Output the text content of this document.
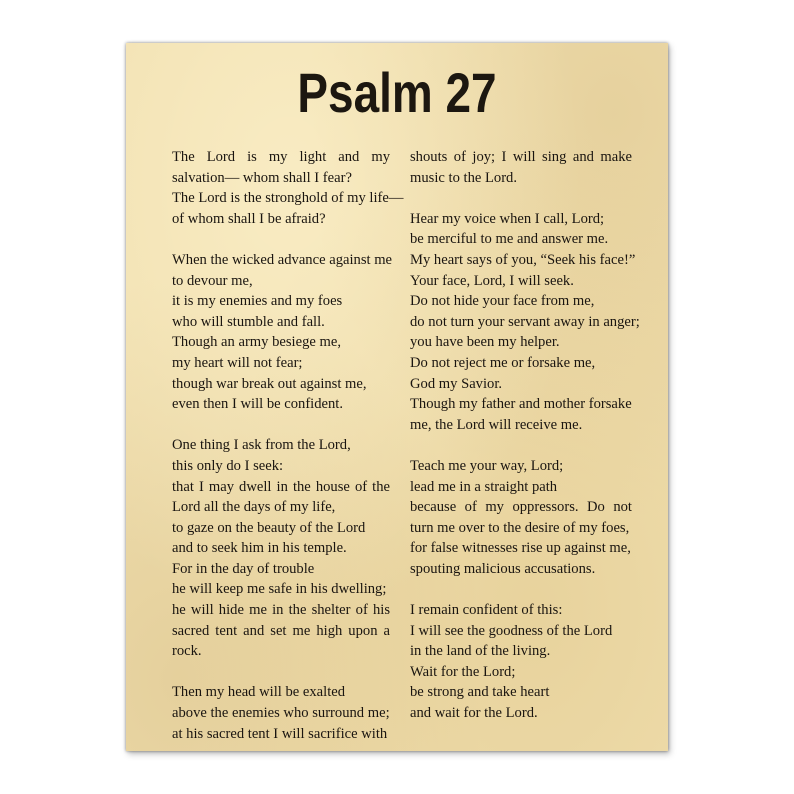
Psalm 27
The Lord is my light and my
salvation— whom shall I fear?
The Lord is the stronghold of my life—
of whom shall I be afraid?
When the wicked advance against me
to devour me,
it is my enemies and my foes
who will stumble and fall.
Though an army besiege me,
my heart will not fear;
though war break out against me,
even then I will be confident.
One thing I ask from the Lord,
this only do I seek:
that I may dwell in the house of the
Lord all the days of my life,
to gaze on the beauty of the Lord
and to seek him in his temple.
For in the day of trouble
he will keep me safe in his dwelling;
he will hide me in the shelter of his
sacred tent and set me high upon a
rock.
Then my head will be exalted
above the enemies who surround me;
at his sacred tent I will sacrifice with
shouts of joy; I will sing and make
music to the Lord.
Hear my voice when I call, Lord;
be merciful to me and answer me.
My heart says of you, “Seek his face!”
Your face, Lord, I will seek.
Do not hide your face from me,
do not turn your servant away in anger;
you have been my helper.
Do not reject me or forsake me,
God my Savior.
Though my father and mother forsake
me, the Lord will receive me.
Teach me your way, Lord;
lead me in a straight path
because of my oppressors. Do not
turn me over to the desire of my foes,
for false witnesses rise up against me,
spouting malicious accusations.
I remain confident of this:
I will see the goodness of the Lord
in the land of the living.
Wait for the Lord;
be strong and take heart
and wait for the Lord.
